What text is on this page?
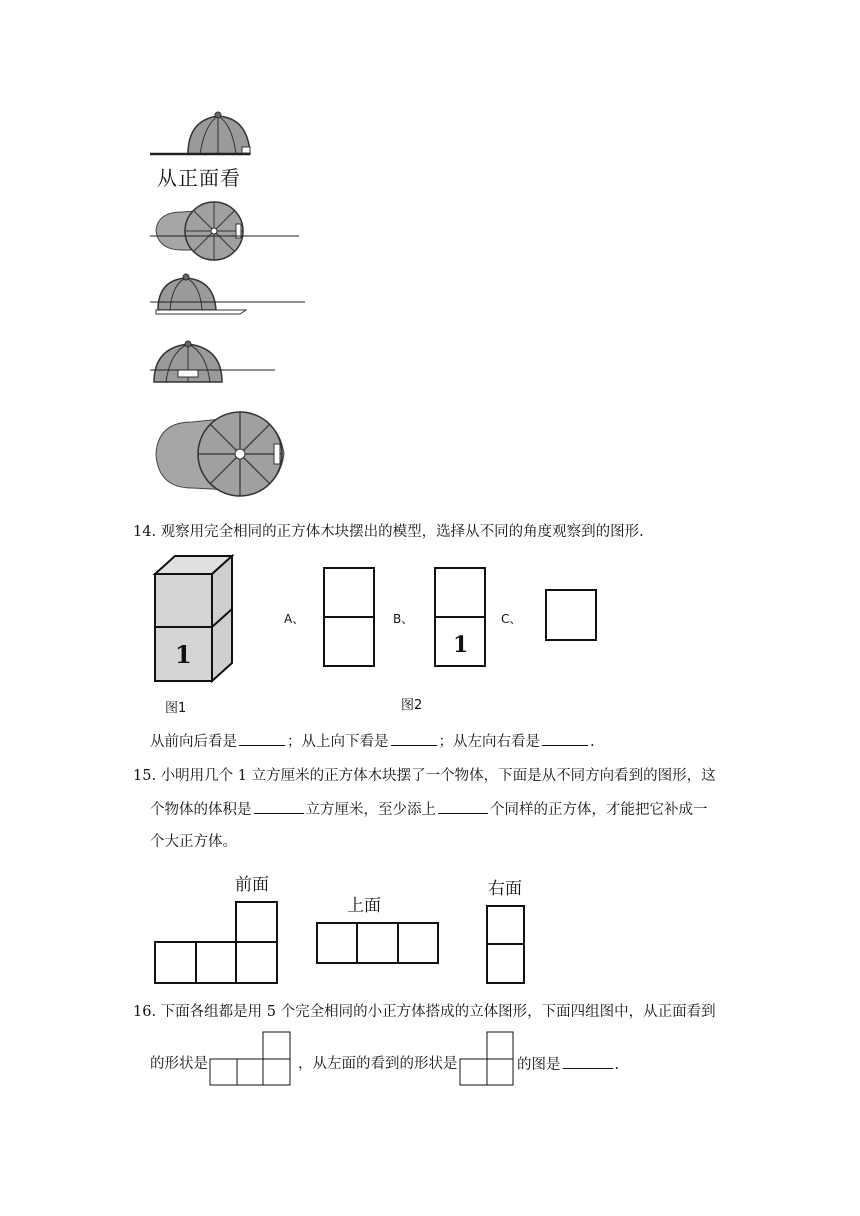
从正面看
14. 观察用完全相同的正方体木块摆出的模型，选择从不同的角度观察到的图形.
1
图1
A、	B、
1
C、
图2
从前向后看是	；从上向下看是	；从左向右看是	.
15. 小明用几个 1 立方厘米的正方体木块摆了一个物体，下面是从不同方向看到的图形，这
个物体的体积是	立方厘米，至少添上	个同样的正方体，才能把它补成一
个大正方体。
前面
上面
右面
16. 下面各组都是用 5 个完全相同的小正方体搭成的立体图形，下面四组图中，从正面看到
的形状是	，从左面的看到的形状是	的图是	.
